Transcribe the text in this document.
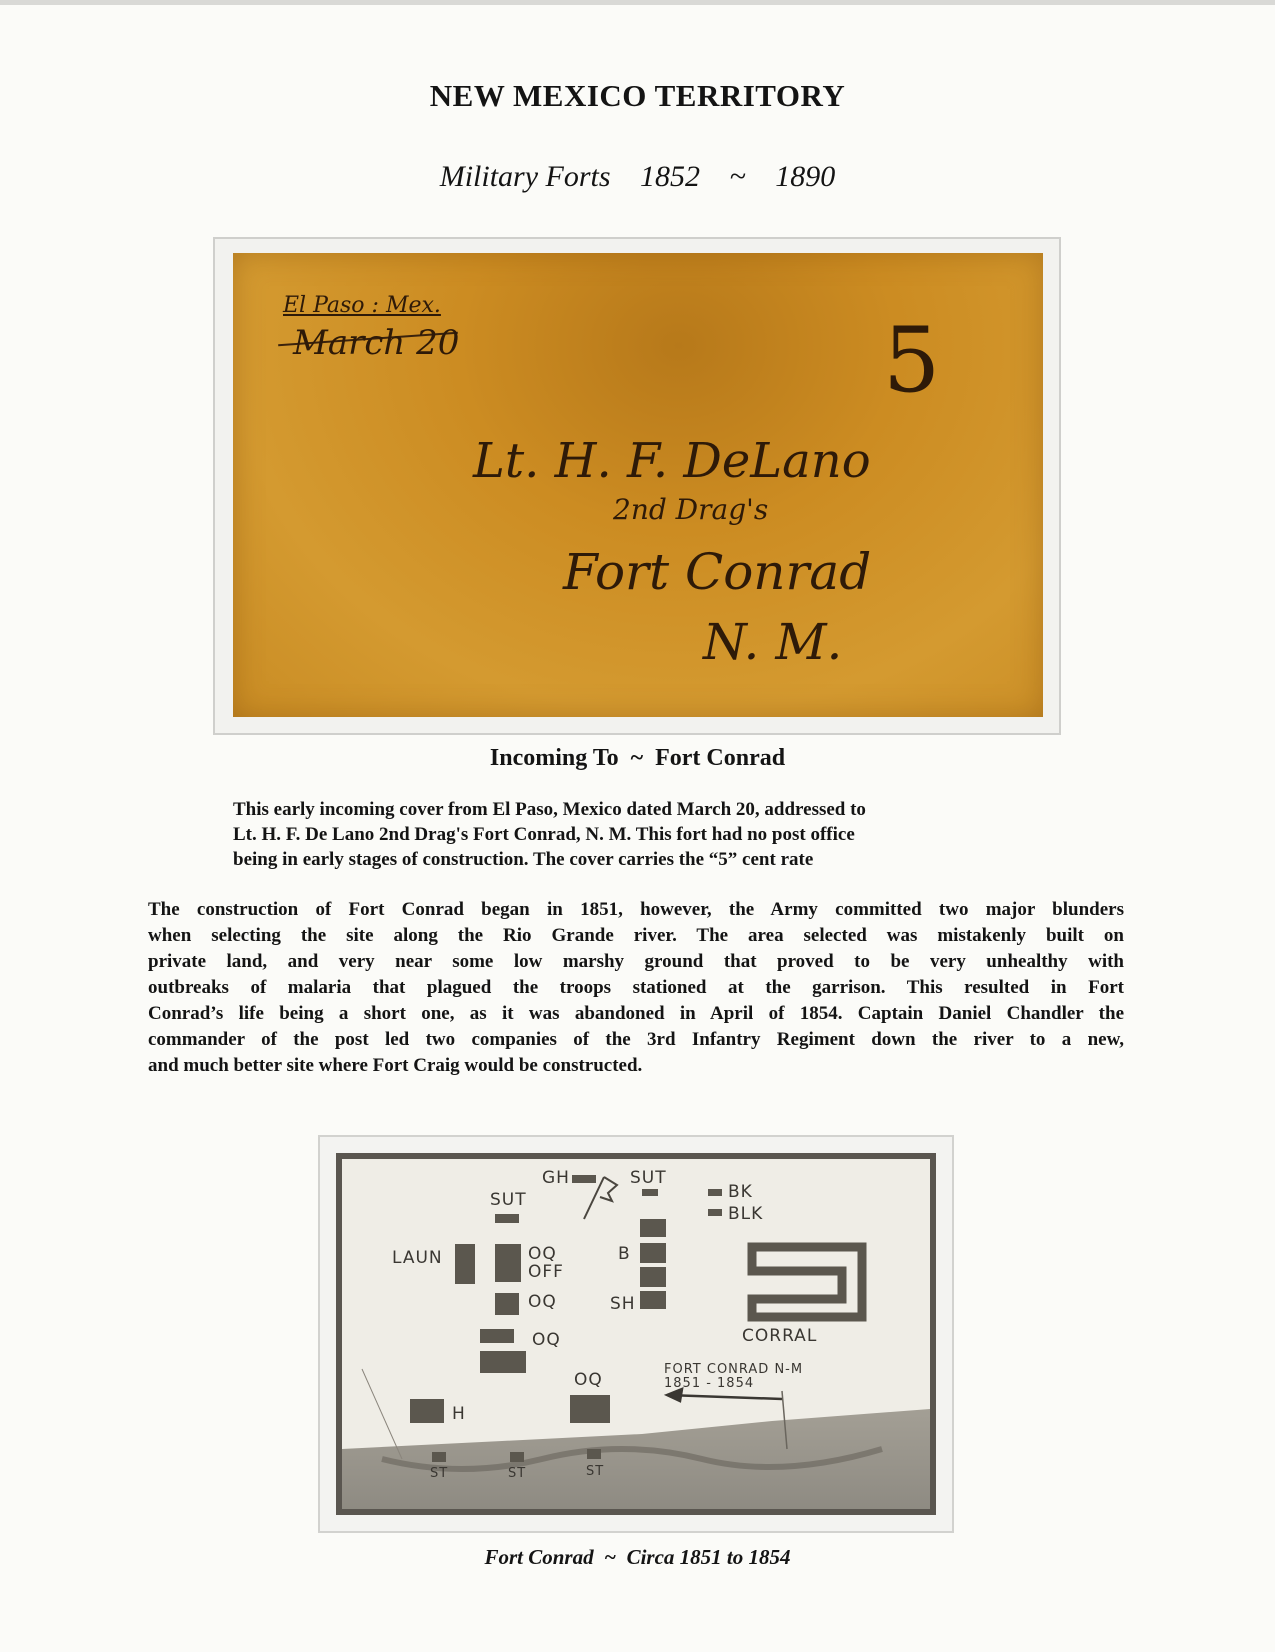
NEW MEXICO TERRITORY
Military Forts 1852 ~ 1890
El Paso : Mex.
March 20	5
Lt. H. F. DeLano
2nd Drag's
Fort Conrad
N. M.
Incoming To  ~  Fort Conrad
This early incoming cover from El Paso, Mexico dated March 20, addressed to
Lt. H. F. De Lano 2nd Drag's Fort Conrad, N. M. This fort had no post office
being in early stages of construction. The cover carries the “5” cent rate
The construction of Fort Conrad began in 1851, however, the Army committed two major blunders
when selecting the site along the Rio Grande river. The area selected was mistakenly built on
private land, and very near some low marshy ground that proved to be very unhealthy with
outbreaks of malaria that plagued the troops stationed at the garrison. This resulted in Fort
Conrad’s life being a short one, as it was abandoned in April of 1854. Captain Daniel Chandler the
commander of the post led two companies of the 3rd Infantry Regiment down the river to a new,
and much better site where Fort Craig would be constructed.
GH	SUT
SUT	BK
BLK
LAUN	OQ
OFF
B
OQ	SH
OQ	CORRAL
FORT CONRAD N-M
1851 - 1854
OQ
H
ST	ST	ST
Fort Conrad  ~  Circa 1851 to 1854
